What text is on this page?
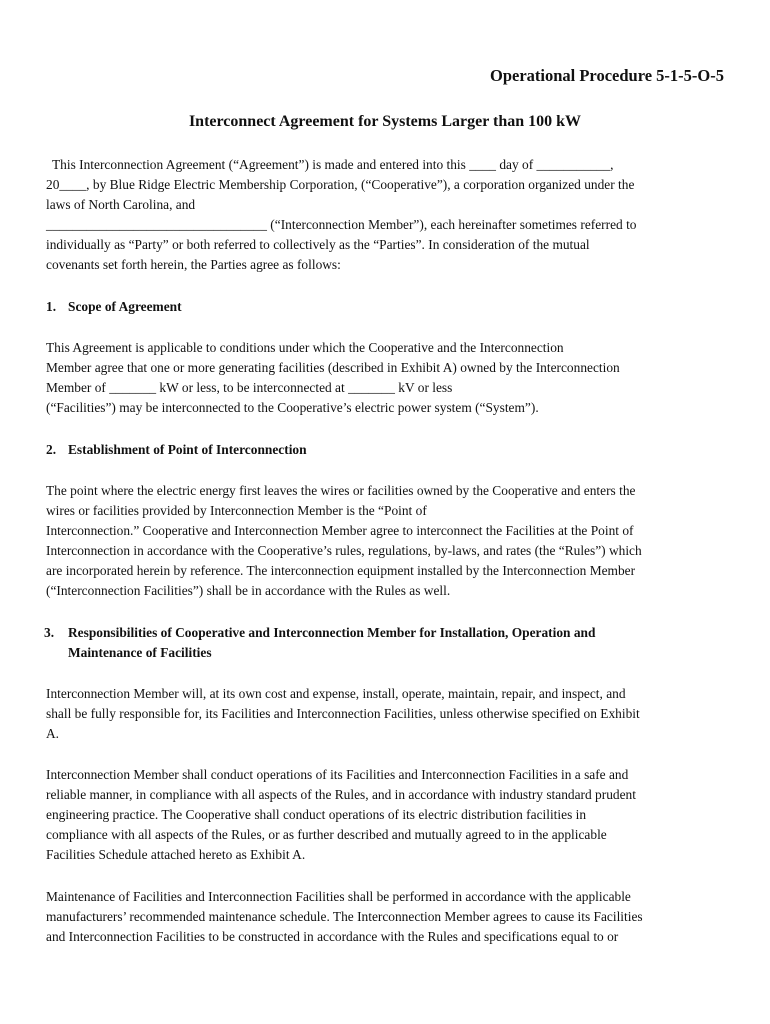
Operational Procedure 5-1-5-O-5
Interconnect Agreement for Systems Larger than 100 kW
This Interconnection Agreement (“Agreement”) is made and entered into this ____ day of ___________,
20____, by Blue Ridge Electric Membership Corporation, (“Cooperative”), a corporation organized under the
laws of North Carolina, and
_________________________________ (“Interconnection Member”), each hereinafter sometimes referred to
individually as “Party” or both referred to collectively as the “Parties”. In consideration of the mutual
covenants set forth herein, the Parties agree as follows:
1. Scope of Agreement
This Agreement is applicable to conditions under which the Cooperative and the Interconnection
Member agree that one or more generating facilities (described in Exhibit A) owned by the Interconnection
Member of _______ kW or less, to be interconnected at _______ kV or less
(“Facilities”) may be interconnected to the Cooperative’s electric power system (“System”).
2. Establishment of Point of Interconnection
The point where the electric energy first leaves the wires or facilities owned by the Cooperative and enters the
wires or facilities provided by Interconnection Member is the “Point of
Interconnection.” Cooperative and Interconnection Member agree to interconnect the Facilities at the Point of
Interconnection in accordance with the Cooperative’s rules, regulations, by-laws, and rates (the “Rules”) which
are incorporated herein by reference. The interconnection equipment installed by the Interconnection Member
(“Interconnection Facilities”) shall be in accordance with the Rules as well.
3. Responsibilities of Cooperative and Interconnection Member for Installation, Operation and
Maintenance of Facilities
Interconnection Member will, at its own cost and expense, install, operate, maintain, repair, and inspect, and
shall be fully responsible for, its Facilities and Interconnection Facilities, unless otherwise specified on Exhibit
A.
Interconnection Member shall conduct operations of its Facilities and Interconnection Facilities in a safe and
reliable manner, in compliance with all aspects of the Rules, and in accordance with industry standard prudent
engineering practice. The Cooperative shall conduct operations of its electric distribution facilities in
compliance with all aspects of the Rules, or as further described and mutually agreed to in the applicable
Facilities Schedule attached hereto as Exhibit A.
Maintenance of Facilities and Interconnection Facilities shall be performed in accordance with the applicable
manufacturers’ recommended maintenance schedule. The Interconnection Member agrees to cause its Facilities
and Interconnection Facilities to be constructed in accordance with the Rules and specifications equal to or
